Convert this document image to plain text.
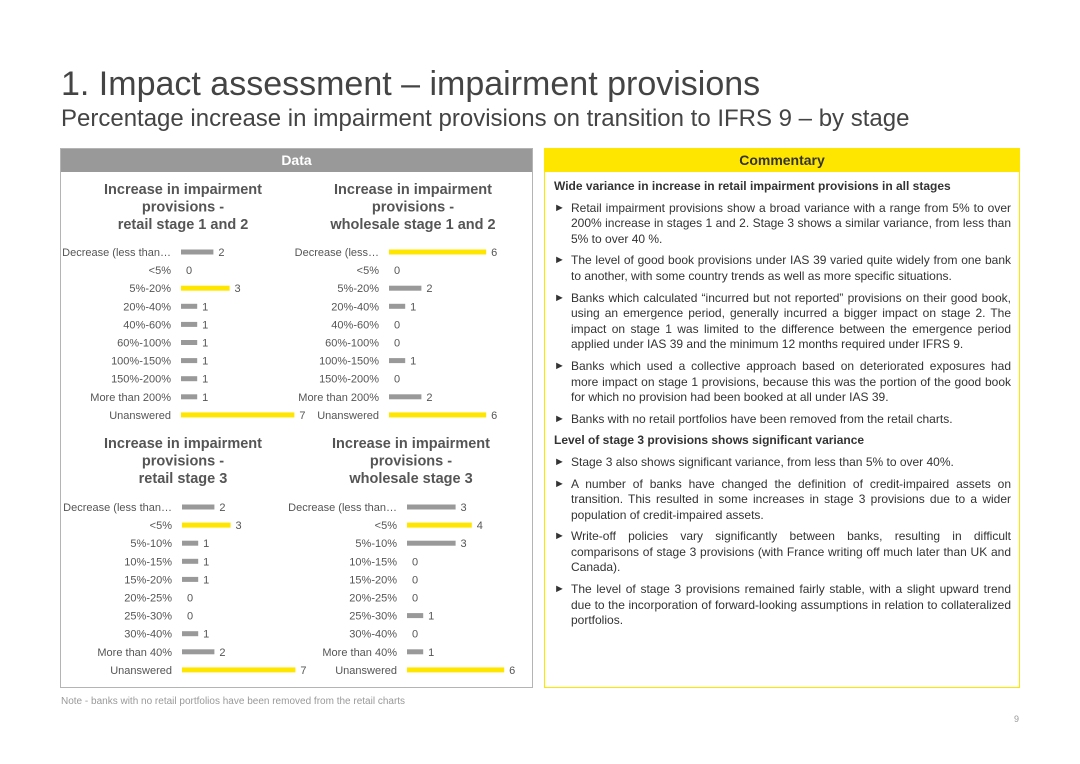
1. Impact assessment – impairment provisions
Percentage increase in impairment provisions on transition to IFRS 9 – by stage
Data
Increase in impairment
provisions -
retail stage 1 and 2
Decrease (less than…	2
<5% 0
5%-20%	3
20%-40%	1
40%-60%	1
60%-100%	1
100%-150%	1
150%-200%	1
More than 200%	1
Unanswered	7
Increase in impairment
provisions -
wholesale stage 1 and 2
Decrease (less…	6
<5% 0
5%-20%	2
20%-40%	1
40%-60% 0
60%-100% 0
100%-150%	1
150%-200% 0
More than 200%	2
Unanswered	6
Increase in impairment
provisions -
retail stage 3
Decrease (less than…	2
<5%	3
5%-10%	1
10%-15%	1
15%-20%	1
20%-25% 0
25%-30% 0
30%-40%	1
More than 40%	2
Unanswered	7
Increase in impairment
provisions -
wholesale stage 3
Decrease (less than…	3
<5%	4
5%-10%	3
10%-15% 0
15%-20% 0
20%-25% 0
25%-30%	1
30%-40% 0
More than 40%	1
Unanswered	6
Commentary
Wide variance in increase in retail impairment provisions in all stages
► Retail impairment provisions show a broad variance with a range from 5% to over 200% increase in stages 1 and 2. Stage 3 shows a similar variance, from less than 5% to over 40 %.
► The level of good book provisions under IAS 39 varied quite widely from one bank to another, with some country trends as well as more specific situations.
► Banks which calculated “incurred but not reported” provisions on their good book, using an emergence period, generally incurred a bigger impact on stage 2. The impact on stage 1 was limited to the difference between the emergence period applied under IAS 39 and the minimum 12 months required under IFRS 9.
► Banks which used a collective approach based on deteriorated exposures had more impact on stage 1 provisions, because this was the portion of the good book for which no provision had been booked at all under IAS 39.
► Banks with no retail portfolios have been removed from the retail charts.
Level of stage 3 provisions shows significant variance
► Stage 3 also shows significant variance, from less than 5% to over 40%.
► A number of banks have changed the definition of credit-impaired assets on transition. This resulted in some increases in stage 3 provisions due to a wider population of credit-impaired assets.
► Write-off policies vary significantly between banks, resulting in difficult comparisons of stage 3 provisions (with France writing off much later than UK and Canada).
► The level of stage 3 provisions remained fairly stable, with a slight upward trend due to the incorporation of forward-looking assumptions in relation to collateralized portfolios.
Note - banks with no retail portfolios have been removed from the retail charts
9
